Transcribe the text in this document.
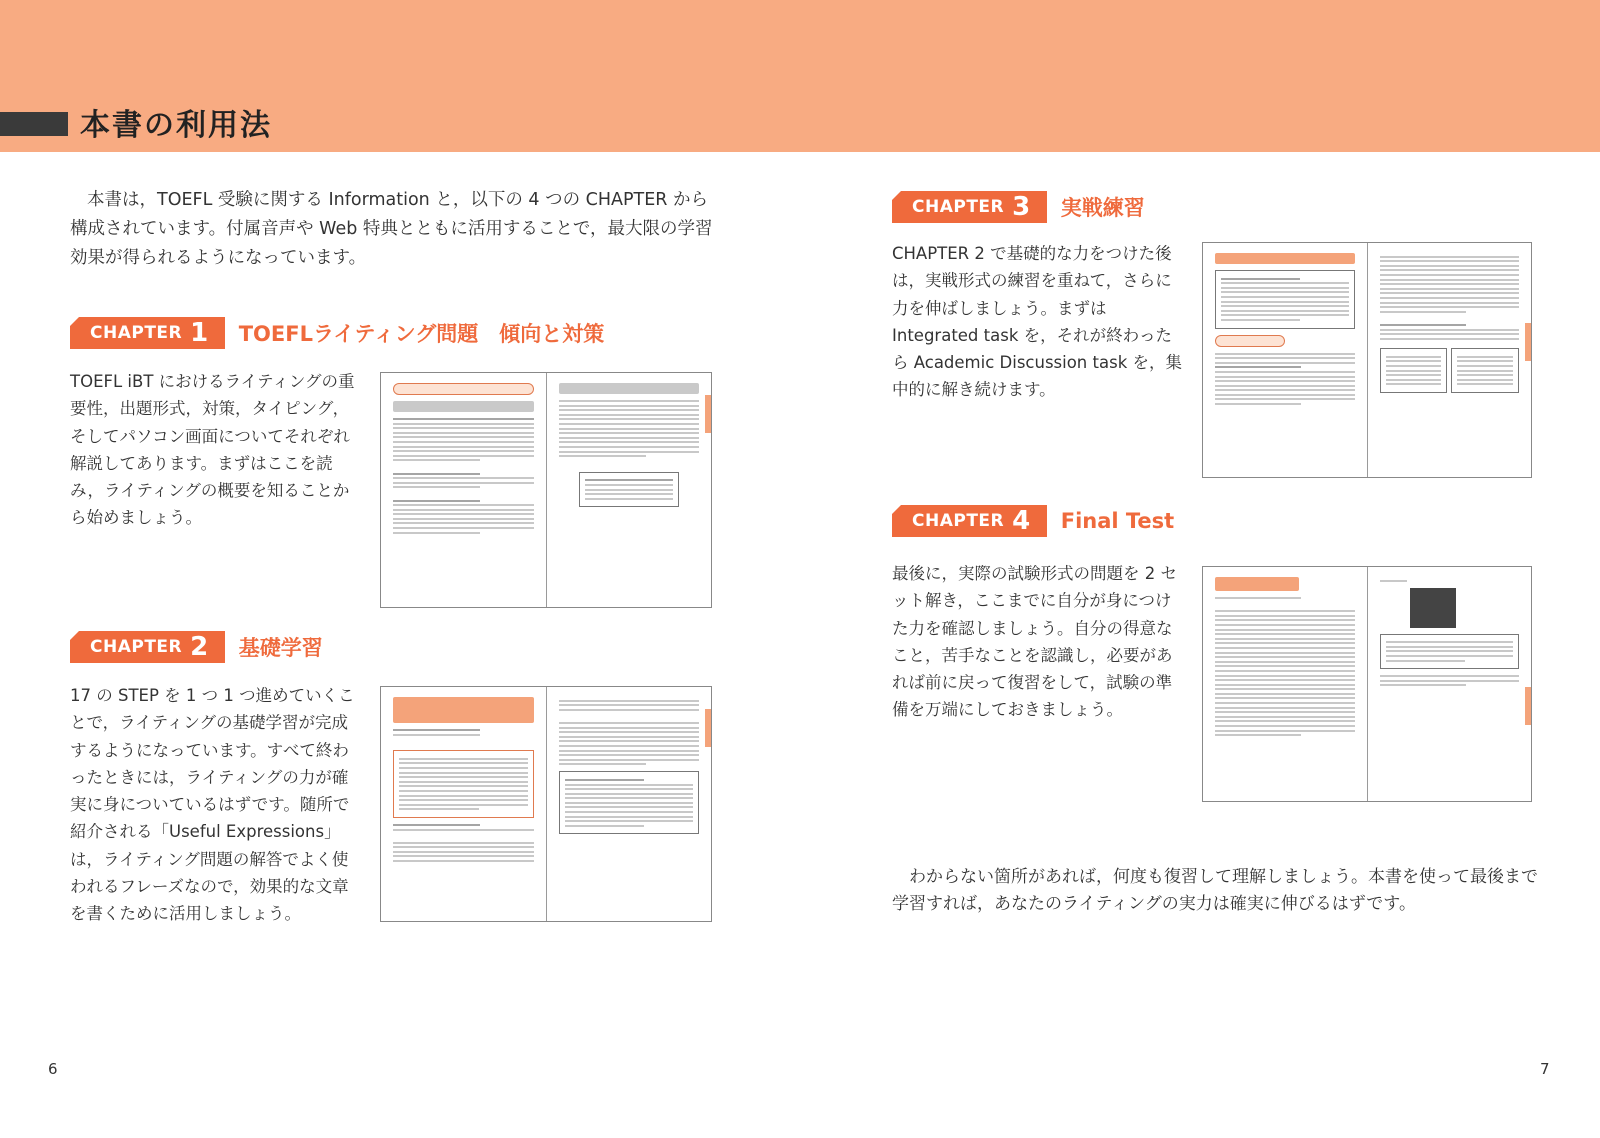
本書の利用法

本書は，TOEFL 受験に関する Information と，以下の 4 つの CHAPTER から構成されています。付属音声や Web 特典とともに活用することで，最大限の学習効果が得られるようになっています。

CHAPTER 1 TOEFLライティング問題　傾向と対策

TOEFL iBT におけるライティングの重要性，出題形式，対策，タイピング，そしてパソコン画面についてそれぞれ解説してあります。まずはここを読み，ライティングの概要を知ることから始めましょう。

CHAPTER 2 基礎学習

17 の STEP を 1 つ 1 つ進めていくことで，ライティングの基礎学習が完成するようになっています。すべて終わったときには，ライティングの力が確実に身についているはずです。随所で紹介される「Useful Expressions」は，ライティング問題の解答でよく使われるフレーズなので，効果的な文章を書くために活用しましょう。

CHAPTER 3 実戦練習

CHAPTER 2 で基礎的な力をつけた後は，実戦形式の練習を重ねて，さらに力を伸ばしましょう。まずは Integrated task を，それが終わったら Academic Discussion task を，集中的に解き続けます。

CHAPTER 4 Final Test

最後に，実際の試験形式の問題を 2 セット解き，ここまでに自分が身につけた力を確認しましょう。自分の得意なこと，苦手なことを認識し，必要があれば前に戻って復習をして，試験の準備を万端にしておきましょう。

わからない箇所があれば，何度も復習して理解しましょう。本書を使って最後まで学習すれば，あなたのライティングの実力は確実に伸びるはずです。

6	7
